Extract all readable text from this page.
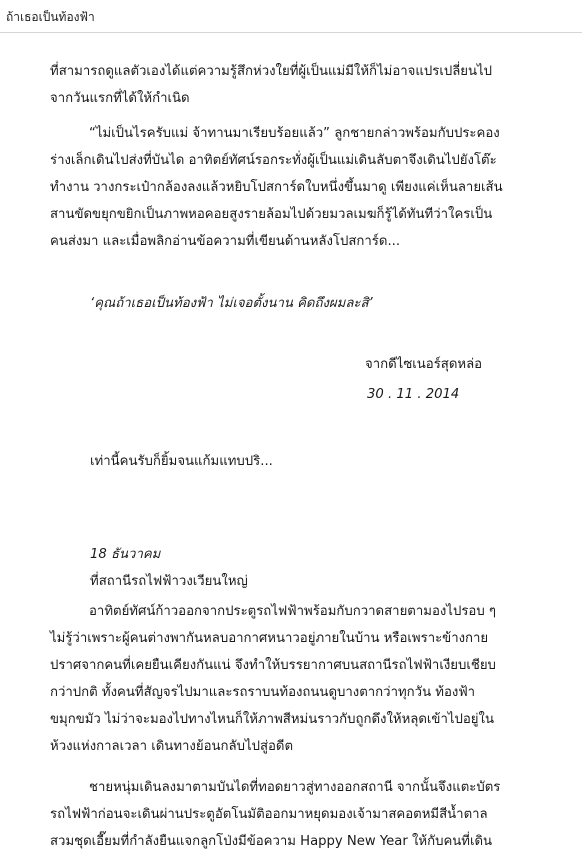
ถ้าเธอเป็นท้องฟ้า
ที่สามารถดูแลตัวเองได้แต่ความรู้สึกห่วงใยที่ผู้เป็นแม่มีให้ก็ไม่อาจแปรเปลี่ยนไป
จากวันแรกที่ได้ให้กำเนิด
“ไม่เป็นไรครับแม่ จ้าทานมาเรียบร้อยแล้ว” ลูกชายกล่าวพร้อมกับประคอง
ร่างเล็กเดินไปส่งที่บันได อาทิตย์ทัศน์รอกระทั่งผู้เป็นแม่เดินลับตาจึงเดินไปยังโต๊ะ
ทำงาน วางกระเป๋ากล้องลงแล้วหยิบโปสการ์ดใบหนึ่งขึ้นมาดู เพียงแค่เห็นลายเส้น
สานขัดขยุกขยิกเป็นภาพหอคอยสูงรายล้อมไปด้วยมวลเมฆก็รู้ได้ทันทีว่าใครเป็น
คนส่งมา และเมื่อพลิกอ่านข้อความที่เขียนด้านหลังโปสการ์ด...
‘คุณถ้าเธอเป็นท้องฟ้า ไม่เจอตั้งนาน คิดถึงผมละสิ’
จากดีไซเนอร์สุดหล่อ
30 . 11 . 2014
เท่านี้คนรับก็ยิ้มจนแก้มแทบปริ...
18 ธันวาคม
ที่สถานีรถไฟฟ้าวงเวียนใหญ่
อาทิตย์ทัศน์ก้าวออกจากประตูรถไฟฟ้าพร้อมกับกวาดสายตามองไปรอบ ๆ
ไม่รู้ว่าเพราะผู้คนต่างพากันหลบอากาศหนาวอยู่ภายในบ้าน หรือเพราะข้างกาย
ปราศจากคนที่เคยยืนเคียงกันแน่ จึงทำให้บรรยากาศบนสถานีรถไฟฟ้าเงียบเชียบ
กว่าปกติ ทั้งคนที่สัญจรไปมาและรถราบนท้องถนนดูบางตากว่าทุกวัน ท้องฟ้า
ขมุกขมัว ไม่ว่าจะมองไปทางไหนก็ให้ภาพสีหม่นราวกับถูกดึงให้หลุดเข้าไปอยู่ใน
ห้วงแห่งกาลเวลา เดินทางย้อนกลับไปสู่อดีต
ชายหนุ่มเดินลงมาตามบันไดที่ทอดยาวสู่ทางออกสถานี จากนั้นจึงแตะบัตร
รถไฟฟ้าก่อนจะเดินผ่านประตูอัตโนมัติออกมาหยุดมองเจ้ามาสคอตหมีสีน้ำตาล
สวมชุดเอี๊ยมที่กำลังยืนแจกลูกโป่งมีข้อความ Happy New Year ให้กับคนที่เดิน
